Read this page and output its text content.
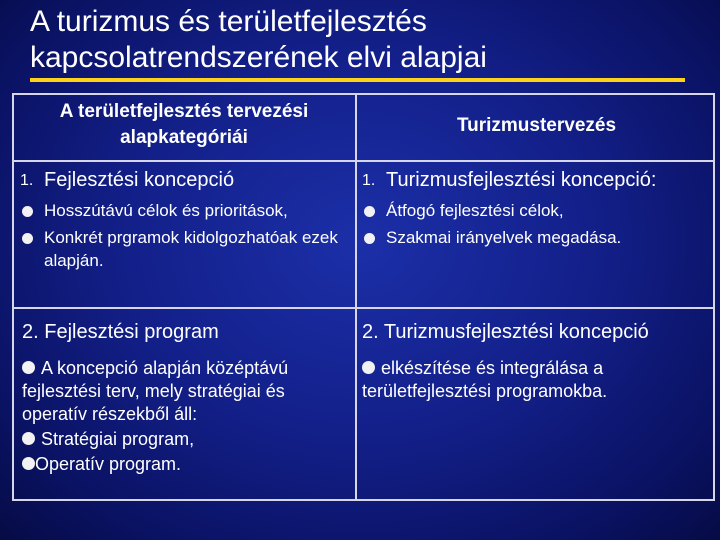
A turizmus és területfejlesztés
kapcsolatrendszerének elvi alapjai
A területfejlesztés tervezési alapkategóriái
Turizmustervezés
1. Fejlesztési koncepció
Hosszútávú célok és prioritások,
Konkrét prgramok kidolgozhatóak ezek alapján.
1. Turizmusfejlesztési koncepció:
Átfogó fejlesztési célok,
Szakmai irányelvek megadása.
2. Fejlesztési program
A koncepció alapján középtávú fejlesztési terv, mely stratégiai és operatív részekből áll:
Stratégiai program,
Operatív program.
2. Turizmusfejlesztési koncepció
elkészítése és integrálása a területfejlesztési programokba.
